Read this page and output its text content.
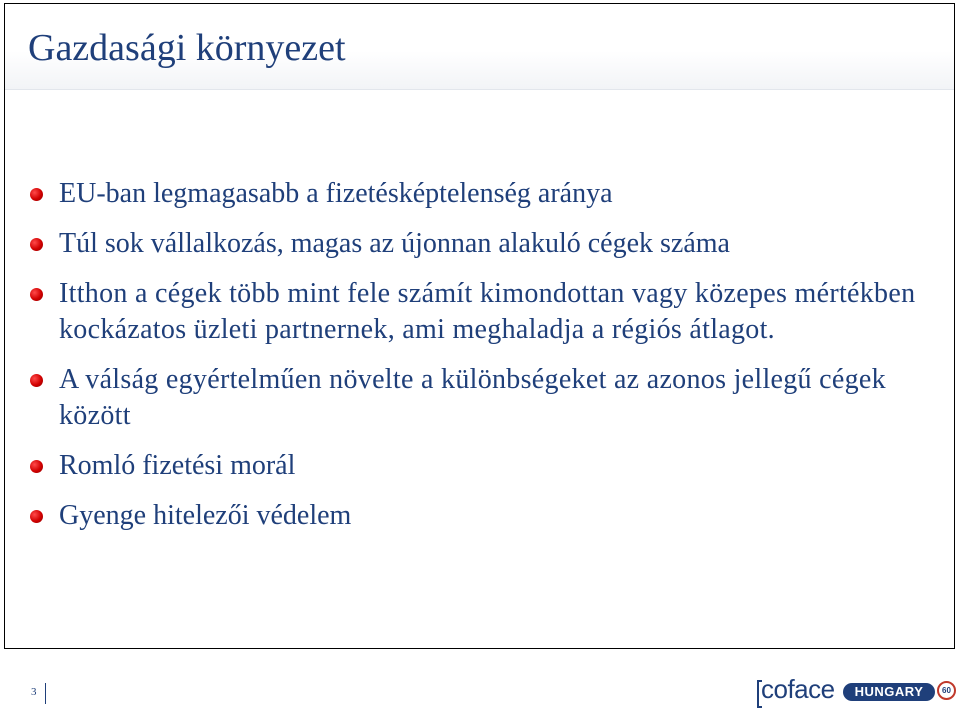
Gazdasági környezet
EU-ban legmagasabb a fizetésképtelenség aránya
Túl sok vállalkozás, magas az újonnan alakuló cégek száma
Itthon a cégek több mint fele számít kimondottan vagy közepes mértékben kockázatos üzleti partnernek, ami meghaladja a régiós átlagot.
A válság egyértelműen növelte a különbségeket az azonos jellegű cégek között
Romló fizetési morál
Gyenge hitelezői védelem
3	coface	HUNGARY	60
